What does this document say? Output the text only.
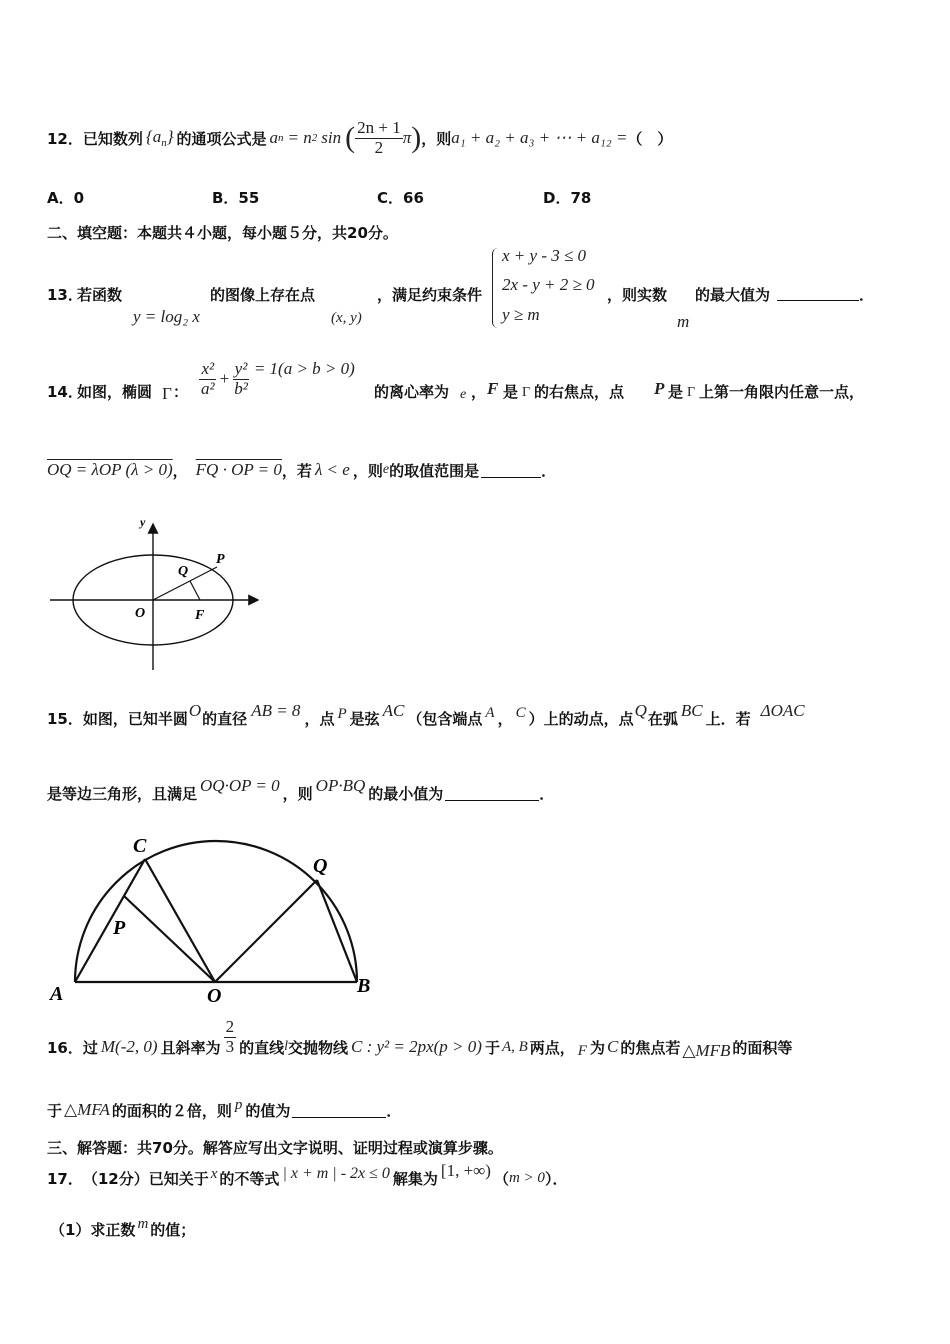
12． 已知数列 $\{a_n\}$ 的通项公式是 a n = n 2 sin ( $\frac{2n + 1}{2}$ π ) ，则 a₁ + a₂ + a₃ + ⋯ + a₁₂ = （　）
A．0	B．55	C．66	D．78
二、填空题：本题共４小题，每小题５分，共20分。
13．
若函数
y = log₂ x
的图像上存在点
(x, y)
，满足约束条件
x + y - 3 ≤ 0
2x - y + 2 ≥ 0
y ≥ m
，则实数
m
的最大值为	．
14．
如图，椭圆 Γ ： $\frac{\text{x²}}{\text{a²}} + \frac{\text{y²}}{\text{b²}} = 1(a > b > 0)$
的离心率为 e ， F 是 Γ 的右焦点，点 P 是 Γ 上第一角限内任意一点，
OQ = λOP (λ > 0) ， FQ · OP = 0 ，若 λ < e ，则 e 的取值范围是	．
y
O
Q
P
F
15． 如图，已知半圆 O 的直径 AB = 8 ，点 P 是弦 AC （包含端点 A ， C ）上的动点，点 Q 在弧 BC 上．若 ΔOAC
是等边三角形，且满足 OQ·OP = 0 ，则 OP·BQ 的最小值为	．
C
Q
P
A	O	B
16． 过 M(-2, 0) 且斜率为 $\frac{2}{3}$ 的直线 l 交抛物线 C : y² = 2px(p > 0) 于 A, B 两点， F 为 C 的焦点若 △MFB 的面积等
于 △MFA 的面积的２倍，则 p 的值为	．
三、解答题：共70分。解答应写出文字说明、证明过程或演算步骤。
17． （12分）已知关于 x 的不等式 | x + m | - 2x ≤ 0 解集为 [1, +∞) （ m > 0 ）．
（1）求正数 m 的值；
